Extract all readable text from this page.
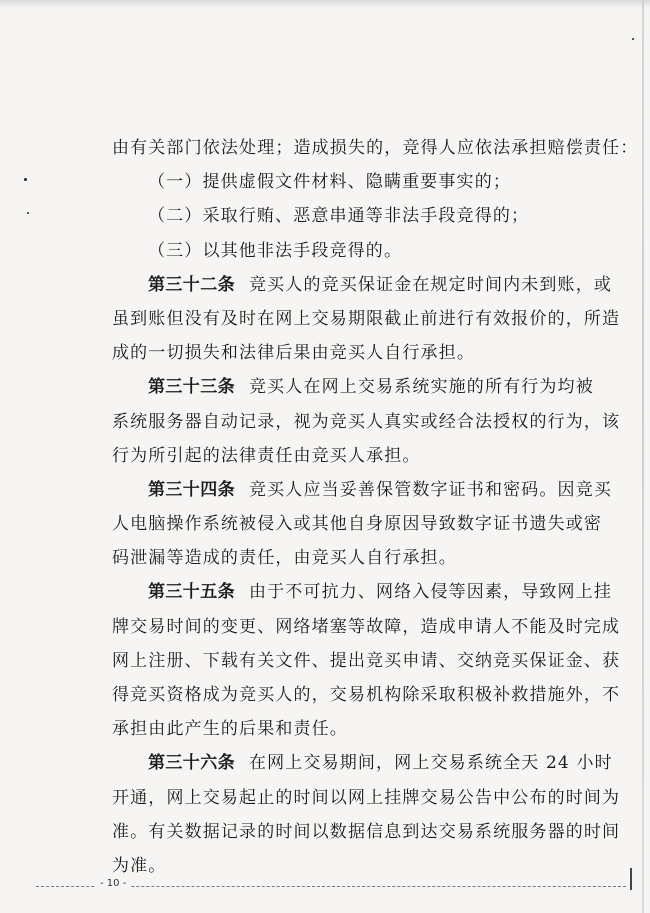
由有关部门依法处理；造成损失的，竞得人应依法承担赔偿责任：
（一）提供虚假文件材料、隐瞒重要事实的；
（二）采取行贿、恶意串通等非法手段竞得的；
（三）以其他非法手段竞得的。
第三十二条 竞买人的竞买保证金在规定时间内未到账，或
虽到账但没有及时在网上交易期限截止前进行有效报价的，所造
成的一切损失和法律后果由竞买人自行承担。
第三十三条 竞买人在网上交易系统实施的所有行为均被
系统服务器自动记录，视为竞买人真实或经合法授权的行为，该
行为所引起的法律责任由竞买人承担。
第三十四条 竞买人应当妥善保管数字证书和密码。因竞买
人电脑操作系统被侵入或其他自身原因导致数字证书遗失或密
码泄漏等造成的责任，由竞买人自行承担。
第三十五条 由于不可抗力、网络入侵等因素，导致网上挂
牌交易时间的变更、网络堵塞等故障，造成申请人不能及时完成
网上注册、下载有关文件、提出竞买申请、交纳竞买保证金、获
得竞买资格成为竞买人的，交易机构除采取积极补救措施外，不
承担由此产生的后果和责任。
第三十六条 在网上交易期间，网上交易系统全天 24 小时
开通，网上交易起止的时间以网上挂牌交易公告中公布的时间为
准。有关数据记录的时间以数据信息到达交易系统服务器的时间
为准。
- 10 -
